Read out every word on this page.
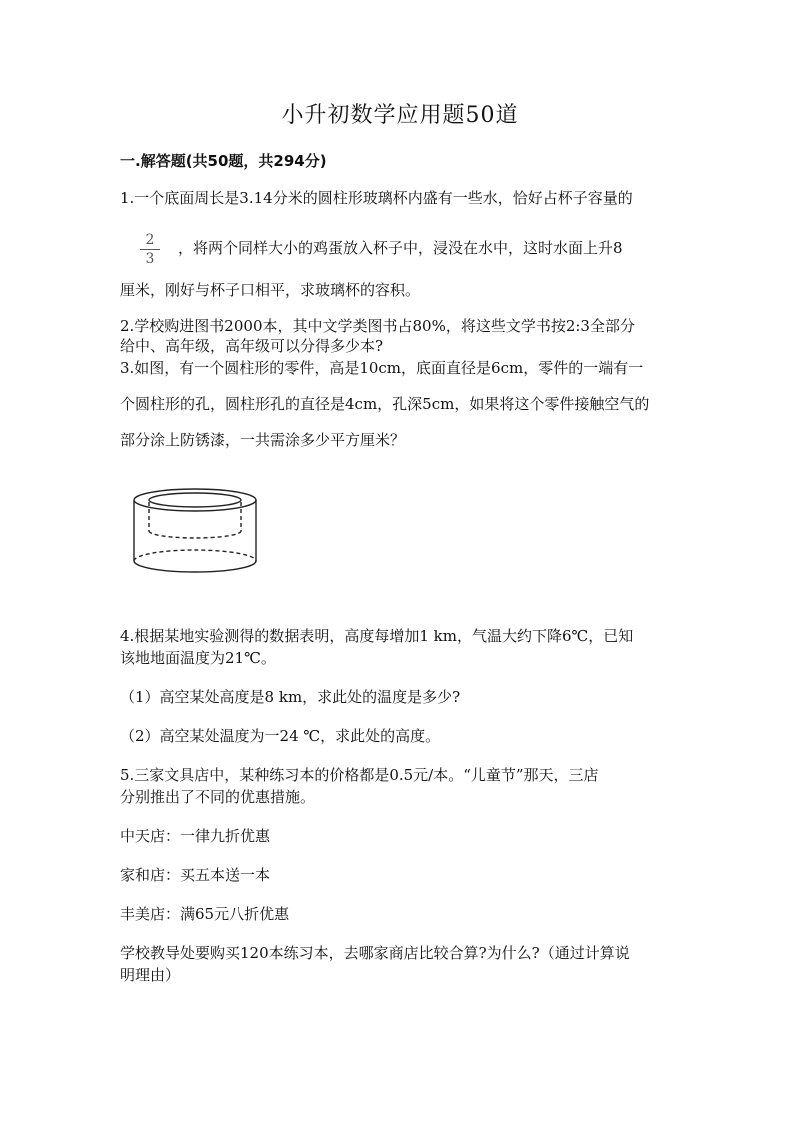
小升初数学应用题50道
一.解答题(共50题，共294分)
1.一个底面周长是3.14分米的圆柱形玻璃杯内盛有一些水，恰好占杯子容量的
2
3
，将两个同样大小的鸡蛋放入杯子中，浸没在水中，这时水面上升8
厘米，刚好与杯子口相平，求玻璃杯的容积。
2.学校购进图书2000本，其中文学类图书占80%，将这些文学书按2:3全部分
给中、高年级，高年级可以分得多少本?
3.如图，有一个圆柱形的零件，高是10cm，底面直径是6cm，零件的一端有一
个圆柱形的孔，圆柱形孔的直径是4cm，孔深5cm，如果将这个零件接触空气的
部分涂上防锈漆，一共需涂多少平方厘米？
4.根据某地实验测得的数据表明，高度每增加1 km，气温大约下降6℃，已知
该地地面温度为21℃。
（1）高空某处高度是8 km，求此处的温度是多少?
（2）高空某处温度为一24 ℃，求此处的高度。
5.三家文具店中，某种练习本的价格都是0.5元/本。“儿童节”那天，三店
分别推出了不同的优惠措施。
中天店：一律九折优惠
家和店：买五本送一本
丰美店：满65元八折优惠
学校教导处要购买120本练习本，去哪家商店比较合算?为什么?（通过计算说
明理由）
